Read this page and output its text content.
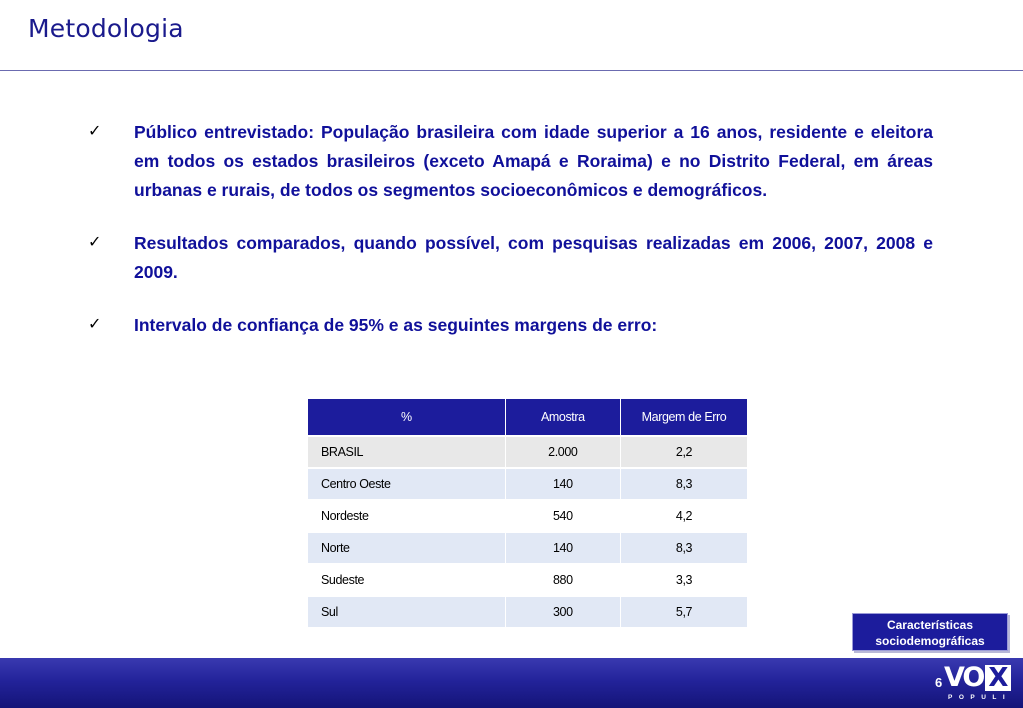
Metodologia
✓	Público entrevistado: População brasileira com idade superior a 16 anos, residente e eleitora em todos os estados brasileiros (exceto Amapá e Roraima) e no Distrito Federal, em áreas urbanas e rurais, de todos os segmentos socioeconômicos e demográficos.
✓	Resultados comparados, quando possível, com pesquisas realizadas em 2006, 2007, 2008 e 2009.
✓	Intervalo de confiança de 95% e as seguintes margens de erro:
%	Amostra	Margem de Erro
BRASIL	2.000	2,2
Centro Oeste	140	8,3
Nordeste	540	4,2
Norte	140	8,3
Sudeste	880	3,3
Sul	300	5,7
Características
sociodemográficas
6 VO X
POPULI
